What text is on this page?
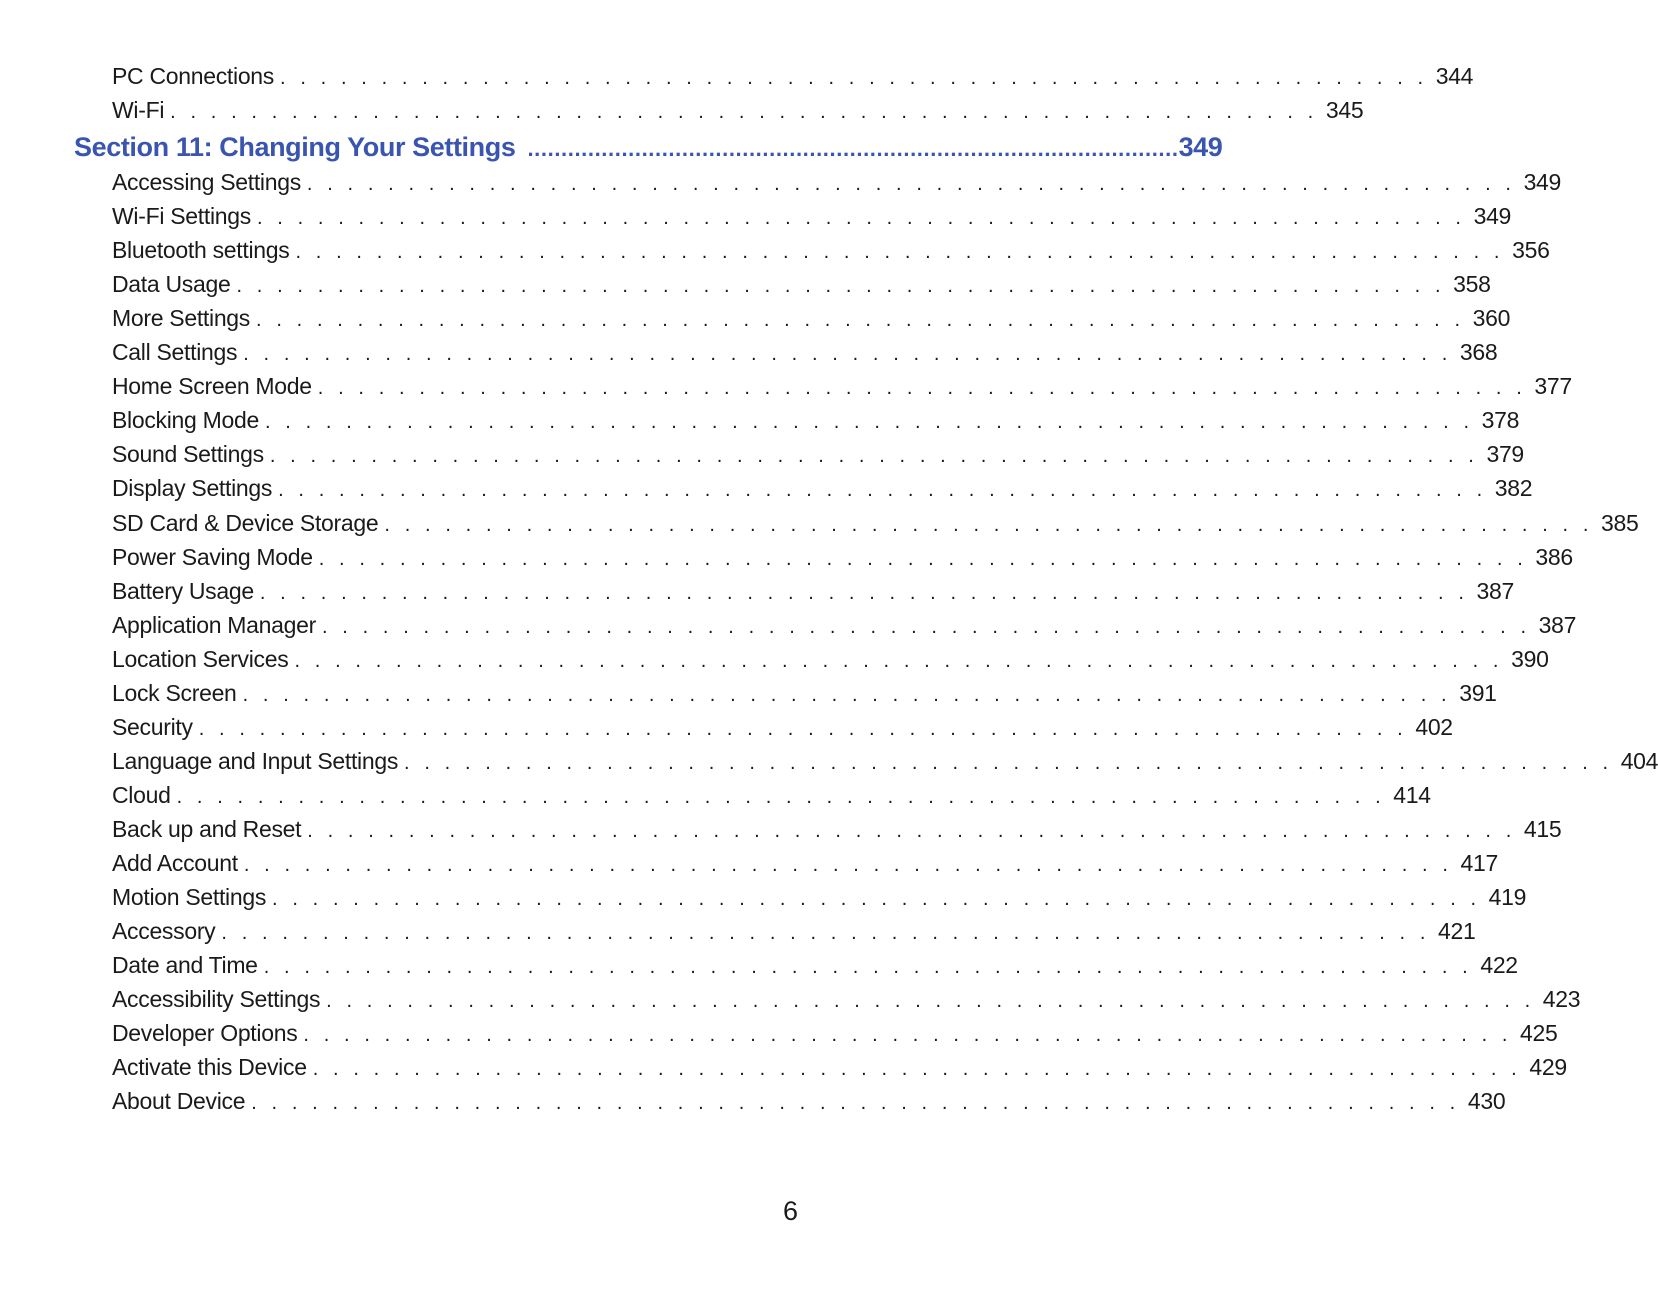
PC Connections . . . . . . . . . . . . . . . . . . . . . . . . . . . . . . . . . . . . . . . . . . . . . . . . . . . . . . . . . 344
Wi-Fi . . . . . . . . . . . . . . . . . . . . . . . . . . . . . . . . . . . . . . . . . . . . . . . . . . . . . . . . . 345
Section 11: Changing Your Settings ................................................................................................. 349
Accessing Settings . . . . . . . . . . . . . . . . . . . . . . . . . . . . . . . . . . . . . . . . . . . . . . . . . . . . . . . . . . . . 349
Wi-Fi Settings . . . . . . . . . . . . . . . . . . . . . . . . . . . . . . . . . . . . . . . . . . . . . . . . . . . . . . . . . . . . 349
Bluetooth settings . . . . . . . . . . . . . . . . . . . . . . . . . . . . . . . . . . . . . . . . . . . . . . . . . . . . . . . . . . . . 356
Data Usage . . . . . . . . . . . . . . . . . . . . . . . . . . . . . . . . . . . . . . . . . . . . . . . . . . . . . . . . . . . . 358
More Settings . . . . . . . . . . . . . . . . . . . . . . . . . . . . . . . . . . . . . . . . . . . . . . . . . . . . . . . . . . . . 360
Call Settings . . . . . . . . . . . . . . . . . . . . . . . . . . . . . . . . . . . . . . . . . . . . . . . . . . . . . . . . . . . . 368
Home Screen Mode . . . . . . . . . . . . . . . . . . . . . . . . . . . . . . . . . . . . . . . . . . . . . . . . . . . . . . . . . . . . 377
Blocking Mode . . . . . . . . . . . . . . . . . . . . . . . . . . . . . . . . . . . . . . . . . . . . . . . . . . . . . . . . . . . . 378
Sound Settings . . . . . . . . . . . . . . . . . . . . . . . . . . . . . . . . . . . . . . . . . . . . . . . . . . . . . . . . . . . . 379
Display Settings . . . . . . . . . . . . . . . . . . . . . . . . . . . . . . . . . . . . . . . . . . . . . . . . . . . . . . . . . . . . 382
SD Card & Device Storage . . . . . . . . . . . . . . . . . . . . . . . . . . . . . . . . . . . . . . . . . . . . . . . . . . . . . . . . . . . . 385
Power Saving Mode . . . . . . . . . . . . . . . . . . . . . . . . . . . . . . . . . . . . . . . . . . . . . . . . . . . . . . . . . . . . 386
Battery Usage . . . . . . . . . . . . . . . . . . . . . . . . . . . . . . . . . . . . . . . . . . . . . . . . . . . . . . . . . . . . 387
Application Manager . . . . . . . . . . . . . . . . . . . . . . . . . . . . . . . . . . . . . . . . . . . . . . . . . . . . . . . . . . . . 387
Location Services . . . . . . . . . . . . . . . . . . . . . . . . . . . . . . . . . . . . . . . . . . . . . . . . . . . . . . . . . . . . 390
Lock Screen . . . . . . . . . . . . . . . . . . . . . . . . . . . . . . . . . . . . . . . . . . . . . . . . . . . . . . . . . . . . 391
Security . . . . . . . . . . . . . . . . . . . . . . . . . . . . . . . . . . . . . . . . . . . . . . . . . . . . . . . . . . . . 402
Language and Input Settings . . . . . . . . . . . . . . . . . . . . . . . . . . . . . . . . . . . . . . . . . . . . . . . . . . . . . . . . . . . . 404
Cloud . . . . . . . . . . . . . . . . . . . . . . . . . . . . . . . . . . . . . . . . . . . . . . . . . . . . . . . . . . . . 414
Back up and Reset . . . . . . . . . . . . . . . . . . . . . . . . . . . . . . . . . . . . . . . . . . . . . . . . . . . . . . . . . . . . 415
Add Account . . . . . . . . . . . . . . . . . . . . . . . . . . . . . . . . . . . . . . . . . . . . . . . . . . . . . . . . . . . . 417
Motion Settings . . . . . . . . . . . . . . . . . . . . . . . . . . . . . . . . . . . . . . . . . . . . . . . . . . . . . . . . . . . . 419
Accessory . . . . . . . . . . . . . . . . . . . . . . . . . . . . . . . . . . . . . . . . . . . . . . . . . . . . . . . . . . . . 421
Date and Time . . . . . . . . . . . . . . . . . . . . . . . . . . . . . . . . . . . . . . . . . . . . . . . . . . . . . . . . . . . . 422
Accessibility Settings . . . . . . . . . . . . . . . . . . . . . . . . . . . . . . . . . . . . . . . . . . . . . . . . . . . . . . . . . . . . 423
Developer Options . . . . . . . . . . . . . . . . . . . . . . . . . . . . . . . . . . . . . . . . . . . . . . . . . . . . . . . . . . . . 425
Activate this Device . . . . . . . . . . . . . . . . . . . . . . . . . . . . . . . . . . . . . . . . . . . . . . . . . . . . . . . . . . . . 429
About Device . . . . . . . . . . . . . . . . . . . . . . . . . . . . . . . . . . . . . . . . . . . . . . . . . . . . . . . . . . . . 430
6
